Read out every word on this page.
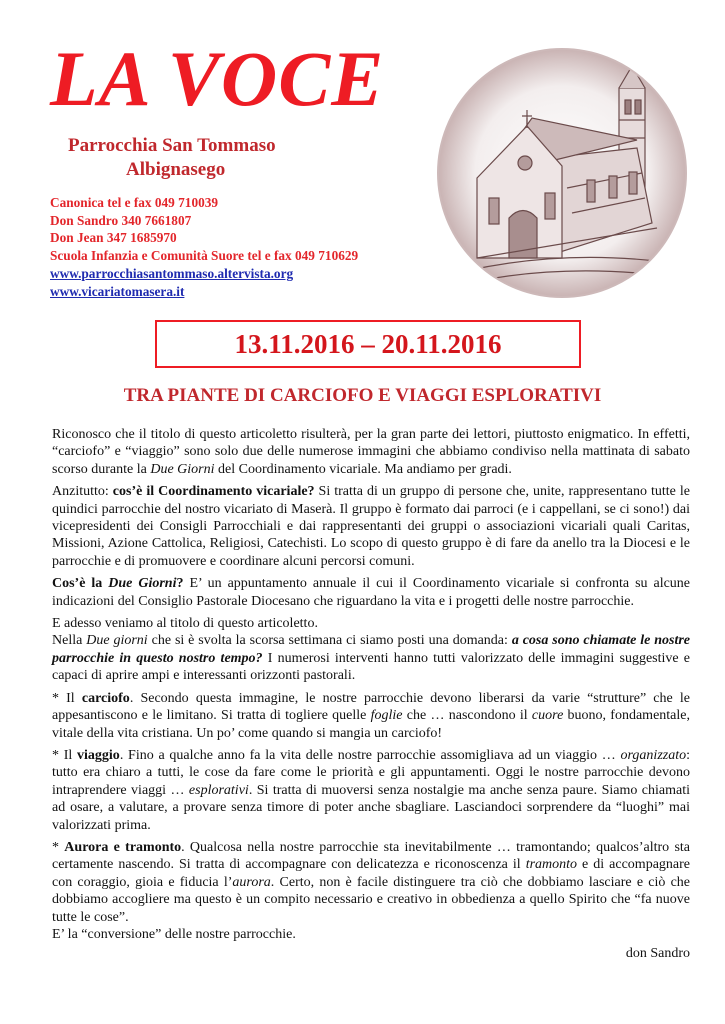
LA VOCE
Parrocchia San Tommaso
Albignasego
Canonica tel e fax 049 710039
Don Sandro 340 7661807
Don Jean 347 1685970
Scuola Infanzia e Comunità Suore tel e fax 049 710629
www.parrocchiasantommaso.altervista.org
www.vicariatomasera.it
13.11.2016 – 20.11.2016
TRA PIANTE DI CARCIOFO E VIAGGI ESPLORATIVI

Riconosco che il titolo di questo articoletto risulterà, per la gran parte dei lettori, piuttosto enigmatico. In effetti, “carciofo” e “viaggio” sono solo due delle numerose immagini che abbiamo condiviso nella mattinata di sabato scorso durante la Due Giorni del Coordinamento vicariale. Ma andiamo per gradi.

Anzitutto: cos’è il Coordinamento vicariale? Si tratta di un gruppo di persone che, unite, rappresentano tutte le quindici parrocchie del nostro vicariato di Maserà. Il gruppo è formato dai parroci (e i cappellani, se ci sono!) dai vicepresidenti dei Consigli Parrocchiali e dai rappresentanti dei gruppi o associazioni vicariali quali Caritas, Missioni, Azione Cattolica, Religiosi, Catechisti. Lo scopo di questo gruppo è di fare da anello tra la Diocesi e le parrocchie e di promuovere e coordinare alcuni percorsi comuni.

Cos’è la Due Giorni? E’ un appuntamento annuale il cui il Coordinamento vicariale si confronta su alcune indicazioni del Consiglio Pastorale Diocesano che riguardano la vita e i progetti delle nostre parrocchie.

E adesso veniamo al titolo di questo articoletto.

Nella Due giorni che si è svolta la scorsa settimana ci siamo posti una domanda: a cosa sono chiamate le nostre parrocchie in questo nostro tempo? I numerosi interventi hanno tutti valorizzato delle immagini suggestive e capaci di aprire ampi e interessanti orizzonti pastorali.

* Il carciofo. Secondo questa immagine, le nostre parrocchie devono liberarsi da varie “strutture” che le appesantiscono e le limitano. Si tratta di togliere quelle foglie che … nascondono il cuore buono, fondamentale, vitale della vita cristiana. Un po’ come quando si mangia un carciofo!

* Il viaggio. Fino a qualche anno fa la vita delle nostre parrocchie assomigliava ad un viaggio … organizzato: tutto era chiaro a tutti, le cose da fare come le priorità e gli appuntamenti. Oggi le nostre parrocchie devono intraprendere viaggi … esplorativi. Si tratta di muoversi senza nostalgie ma anche senza paure. Siamo chiamati ad osare, a valutare, a provare senza timore di poter anche sbagliare. Lasciandoci sorprendere da “luoghi” mai valorizzati prima.

* Aurora e tramonto. Qualcosa nella nostre parrocchie sta inevitabilmente … tramontando; qualcos’altro sta certamente nascendo. Si tratta di accompagnare con delicatezza e riconoscenza il tramonto e di accompagnare con coraggio, gioia e fiducia l’aurora. Certo, non è facile distinguere tra ciò che dobbiamo lasciare e ciò che dobbiamo accogliere ma questo è un compito necessario e creativo in obbedienza a quello Spirito che “fa nuove tutte le cose”.

E’ la “conversione” delle nostre parrocchie.

don Sandro
